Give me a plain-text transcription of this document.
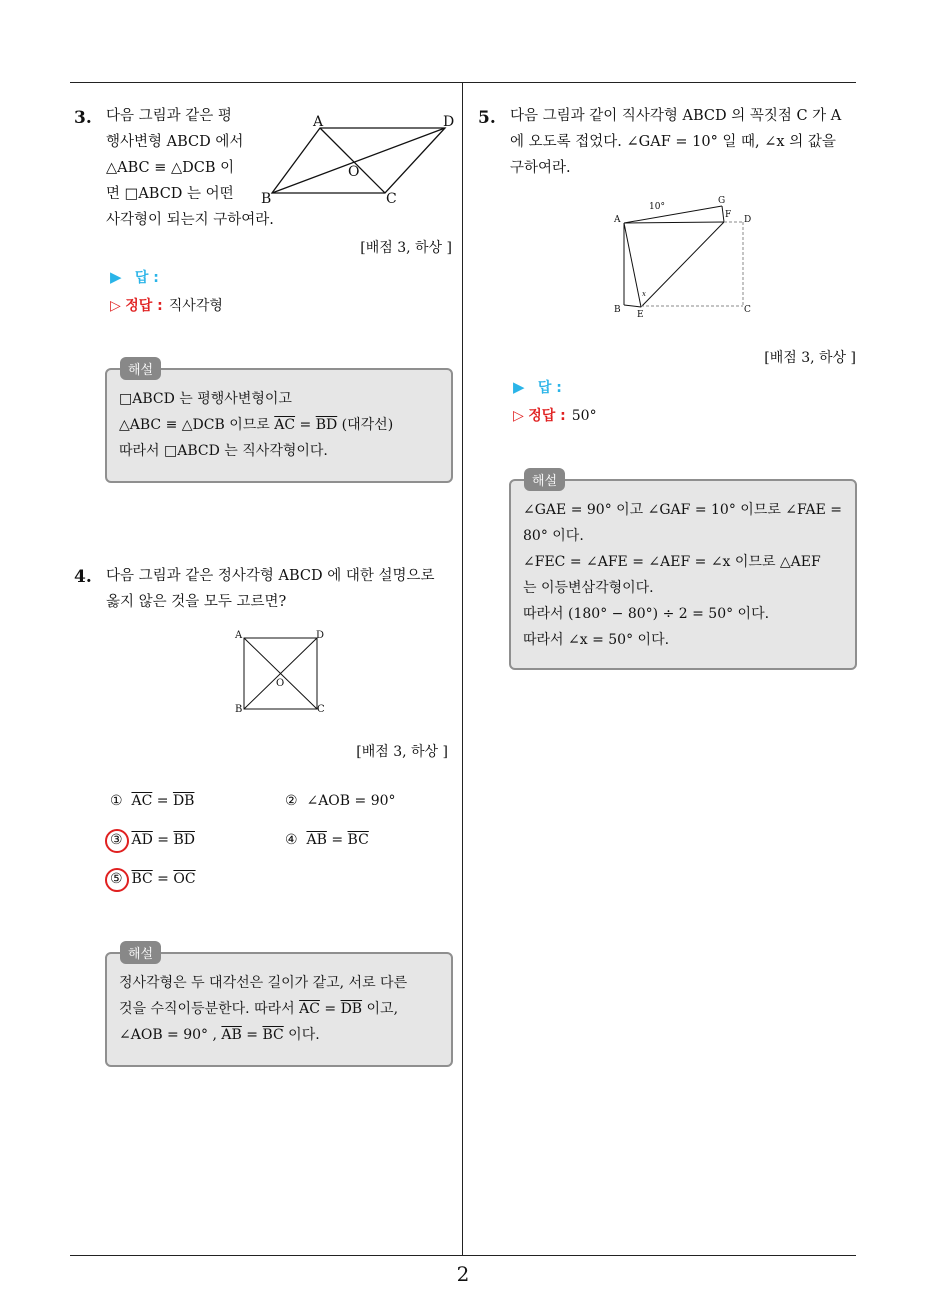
3. 다음 그림과 같은 평
행사변형 ABCD 에서
△ABC ≡ △DCB 이
면 □ABCD 는 어떤
사각형이 되는지 구하여라.
A	D
B	C
O
[배점 3, 하상 ]
▶ 답 :
▷ 정답 : 직사각형
□ABCD 는 평행사변형이고
△ABC ≡ △DCB 이므로 $\overline{AC} = \overline{BD}$ (대각선)
따라서 □ABCD 는 직사각형이다.
해설
4. 다음 그림과 같은 정사각형 ABCD 에 대한 설명으로
옳지 않은 것을 모두 고르면?
A	D
B	C
O
[배점 3, 하상 ]
① $\overline{AC} = \overline{DB}$	② ∠AOB = 90°
③ $\overline{AD} = \overline{BD}$	④ $\overline{AB} = \overline{BC}$
⑤ $\overline{BC} = \overline{OC}$
정사각형은 두 대각선은 길이가 같고, 서로 다른
것을 수직이등분한다. 따라서 $\overline{AC} = \overline{DB}$ 이고,
∠AOB = 90° , $\overline{AB} = \overline{BC}$ 이다.
해설
5. 다음 그림과 같이 직사각형 ABCD 의 꼭짓점 C 가 A
에 오도록 접었다. ∠GAF = 10° 일 때, ∠x 의 값을
구하여라.
A
B E	C
D
F
G
10°
x
[배점 3, 하상 ]
▶ 답 :
▷ 정답 : 50°
∠GAE = 90° 이고 ∠GAF = 10° 이므로 ∠FAE =
80° 이다.
∠FEC = ∠AFE = ∠AEF = ∠x 이므로 △AEF
는 이등변삼각형이다.
따라서 (180° − 80°) ÷ 2 = 50° 이다.
따라서 ∠x = 50° 이다.
해설
2
